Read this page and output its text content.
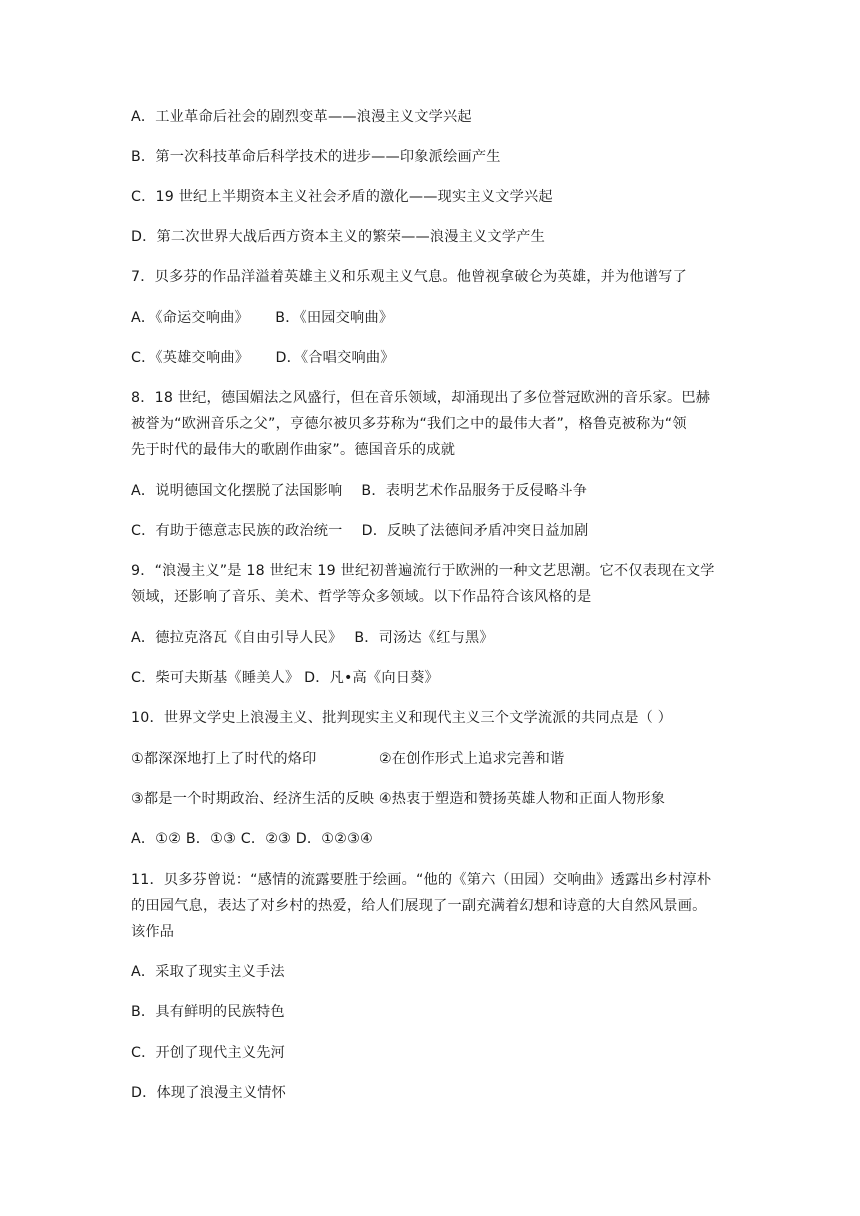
A．工业革命后社会的剧烈变革——浪漫主义文学兴起
B．第一次科技革命后科学技术的进步——印象派绘画产生
C．19 世纪上半期资本主义社会矛盾的激化——现实主义文学兴起
D．第二次世界大战后西方资本主义的繁荣——浪漫主义文学产生
7．贝多芬的作品洋溢着英雄主义和乐观主义气息。他曾视拿破仑为英雄，并为他谱写了
A．《命运交响曲》　　 B．《田园交响曲》
C．《英雄交响曲》　　 D．《合唱交响曲》
8．18 世纪，德国媚法之风盛行，但在音乐领域，却涌现出了多位誉冠欧洲的音乐家。巴赫
被誉为“欧洲音乐之父”，亨德尔被贝多芬称为“我们之中的最伟大者”，格鲁克被称为“领
先于时代的最伟大的歌剧作曲家”。德国音乐的成就
A．说明德国文化摆脱了法国影响　 B．表明艺术作品服务于反侵略斗争
C．有助于德意志民族的政治统一　 D．反映了法德间矛盾冲突日益加剧
9．“浪漫主义”是 18 世纪末 19 世纪初普遍流行于欧洲的一种文艺思潮。它不仅表现在文学
领域，还影响了音乐、美术、哲学等众多领域。以下作品符合该风格的是
A．德拉克洛瓦《自由引导人民》　 B．司汤达《红与黑》
C．柴可夫斯基《睡美人》 D．凡•高《向日葵》
10．世界文学史上浪漫主义、批判现实主义和现代主义三个文学流派的共同点是（ ）
①都深深地打上了时代的烙印　　　　 ②在创作形式上追求完善和谐
③都是一个时期政治、经济生活的反映 ④热衷于塑造和赞扬英雄人物和正面人物形象
A．①② B．①③ C．②③ D．①②③④
11．贝多芬曾说：“感情的流露要胜于绘画。“他的《第六（田园）交响曲》透露出乡村淳朴
的田园气息，表达了对乡村的热爱，给人们展现了一副充满着幻想和诗意的大自然风景画。
该作品
A．采取了现实主义手法
B．具有鲜明的民族特色
C．开创了现代主义先河
D．体现了浪漫主义情怀
